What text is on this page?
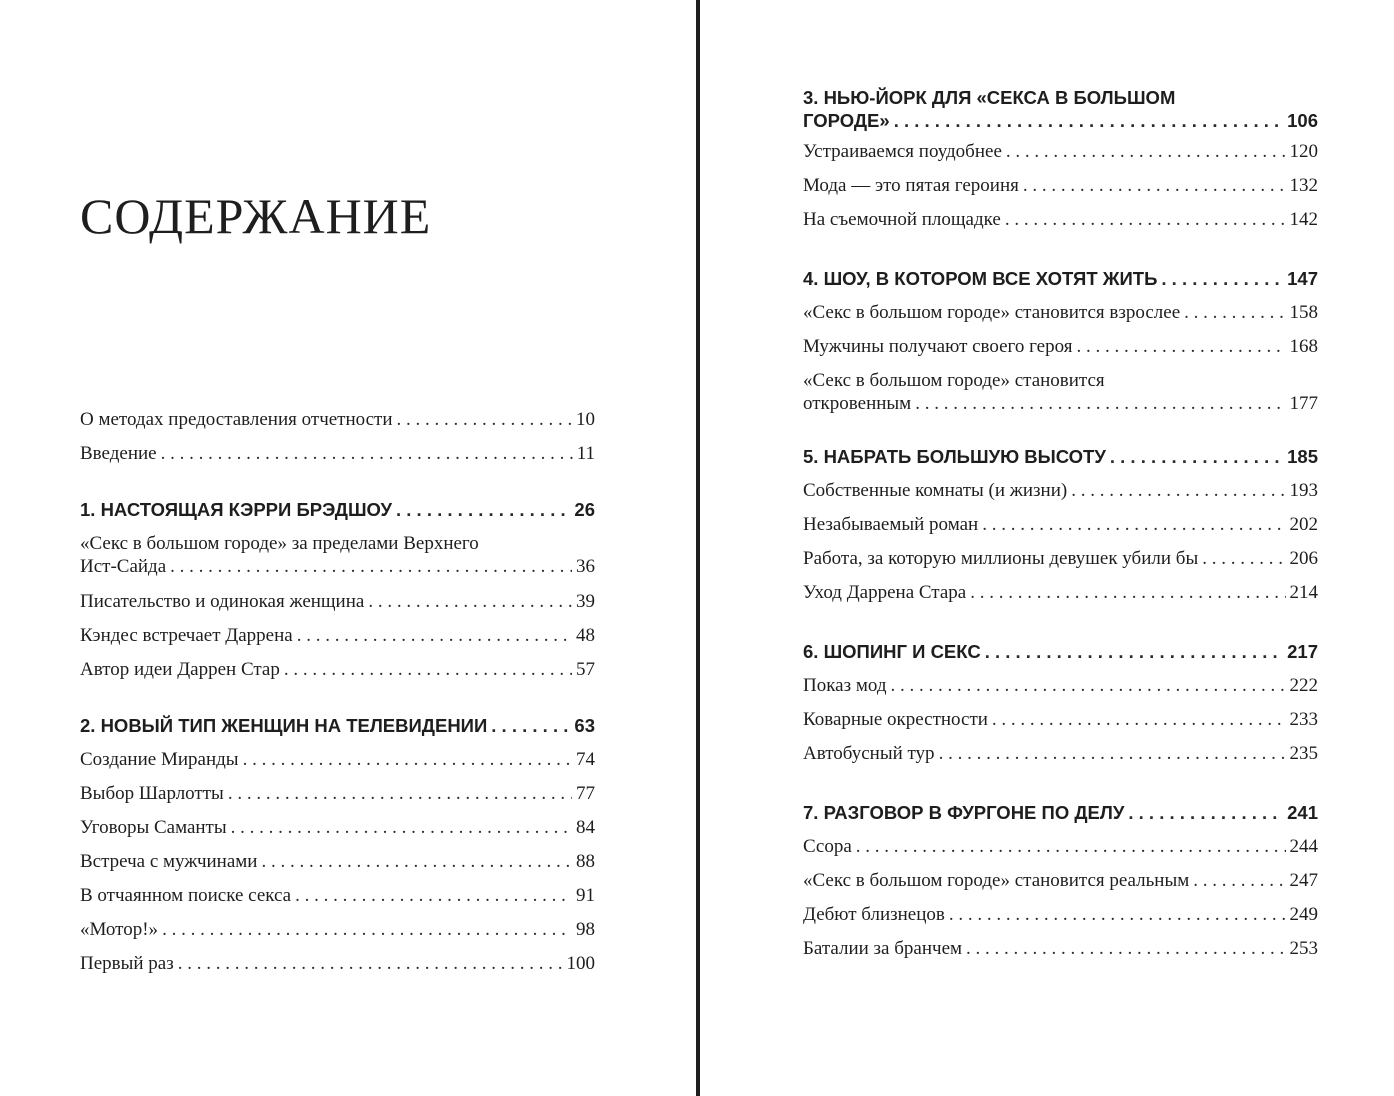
СОДЕРЖАНИЕ
О методах предоставления отчетности . . .	10
Введение . . .	11
1. НАСТОЯЩАЯ КЭРРИ БРЭДШОУ . . .	26
«Секс в большом городе» за пределами Верхнего
Ист-Сайда . . .	36
Писательство и одинокая женщина . . .	39
Кэндес встречает Даррена . . .	48
Автор идеи Даррен Стар . . .	57
2. НОВЫЙ ТИП ЖЕНЩИН НА ТЕЛЕВИДЕНИИ . . .	63
Создание Миранды . . .	74
Выбор Шарлотты . . .	77
Уговоры Саманты . . .	84
Встреча с мужчинами . . .	88
В отчаянном поиске секса . . .	91
«Мотор!» . . .	98
Первый раз . . .	100
3. НЬЮ-ЙОРК ДЛЯ «СЕКСА В БОЛЬШОМ
ГОРОДЕ» . . .	106
Устраиваемся поудобнее . . .	120
Мода — это пятая героиня . . .	132
На съемочной площадке . . .	142
4. ШОУ, В КОТОРОМ ВСЕ ХОТЯТ ЖИТЬ . . .	147
«Секс в большом городе» становится взрослее . . .	158
Мужчины получают своего героя . . .	168
«Секс в большом городе» становится
откровенным . . .	177
5. НАБРАТЬ БОЛЬШУЮ ВЫСОТУ . . .	185
Собственные комнаты (и жизни) . . .	193
Незабываемый роман . . .	202
Работа, за которую миллионы девушек убили бы . . .	206
Уход Даррена Стара . . .	214
6. ШОПИНГ И СЕКС . . .	217
Показ мод . . .	222
Коварные окрестности . . .	233
Автобусный тур . . .	235
7. РАЗГОВОР В ФУРГОНЕ ПО ДЕЛУ . . .	241
Ссора . . .	244
«Секс в большом городе» становится реальным . . .	247
Дебют близнецов . . .	249
Баталии за бранчем . . .	253
